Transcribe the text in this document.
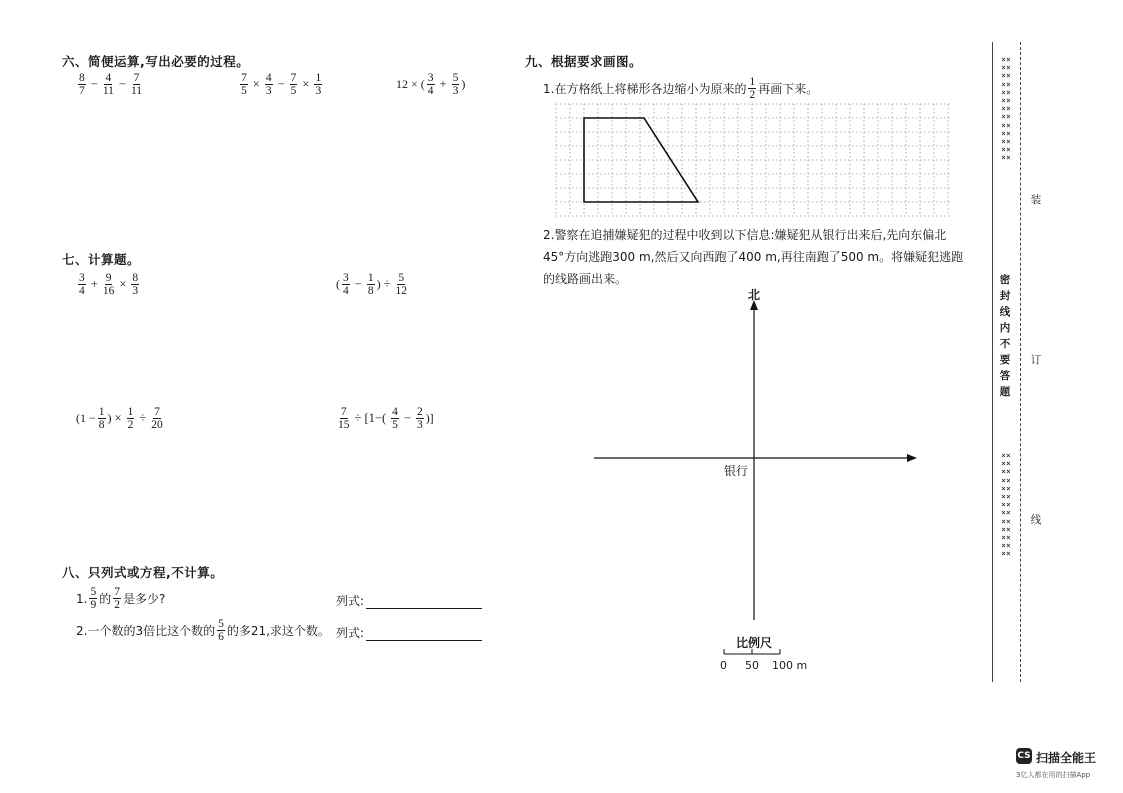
六、简便运算,写出必要的过程。
$\frac{8}{7} - \frac{4}{11} - \frac{7}{11}$	$\frac{7}{5} \times \frac{4}{3} - \frac{7}{5} \times \frac{1}{3}$	12 × ( $\frac{3}{4} + \frac{5}{3}$ )
七、计算题。
$\frac{3}{4} + \frac{9}{16} \times \frac{8}{3}$	( $\frac{3}{4} - \frac{1}{8}$ ) ÷ $\frac{5}{12}$
($1 - \frac{1}{8}$ ) × $\frac{1}{2} \div \frac{7}{20}$	$\frac{7}{15} \div [1-( \frac{4}{5} - \frac{2}{3}$ )]
八、只列式或方程,不计算。
1. $\frac{5}{9}$ 的 $\frac{7}{2}$ 是多少?	列式:
2.一个数的3倍比这个数的 $\frac{5}{6}$ 的多21,求这个数。 列式:
九、根据要求画图。
1.在方格纸上将梯形各边缩小为原来的 $\frac{1}{2}$ 再画下来。
2.警察在追捕嫌疑犯的过程中收到以下信息:嫌疑犯从银行出来后,先向东偏北
45°方向逃跑300 m,然后又向西跑了400 m,再往南跑了500 m。将嫌疑犯逃跑
的线路画出来。
北
银行
比例尺
0 50 100 m
××××××××××××××××××××××××××
××××××××××××××××××××××××××
密封线内不要答题
装
订
线
CS 扫描全能王
3亿人都在用的扫描App
